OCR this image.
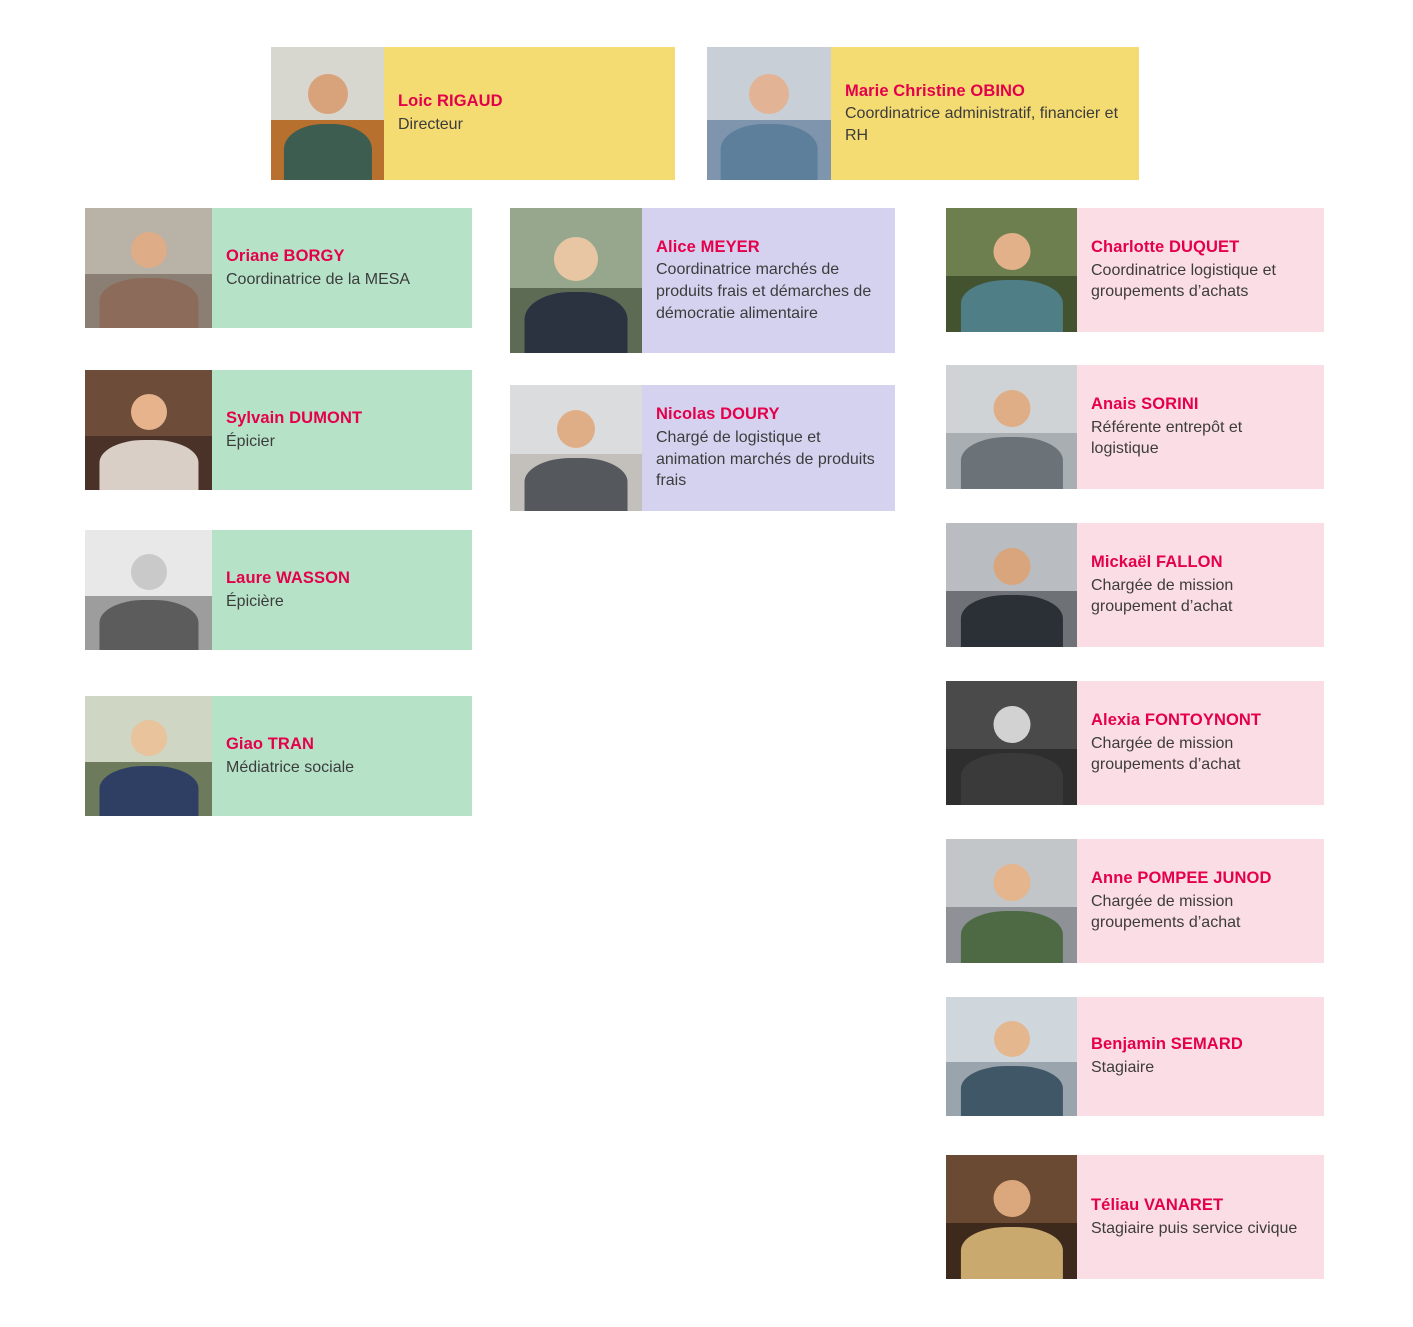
Loic RIGAUD
Directeur
Marie Christine OBINO
Coordinatrice administratif, financier et RH
Oriane BORGY
Coordinatrice de la MESA
Sylvain DUMONT
Épicier
Laure WASSON
Épicière
Giao TRAN
Médiatrice sociale
Alice MEYER
Coordinatrice marchés de produits frais et démarches de démocratie alimentaire
Nicolas DOURY
Chargé de logistique et animation marchés de produits frais
Charlotte DUQUET
Coordinatrice logistique et groupements d’achats
Anais SORINI
Référente entrepôt et logistique
Mickaël FALLON
Chargée de mission groupement d’achat
Alexia FONTOYNONT
Chargée de mission groupements d’achat
Anne POMPEE JUNOD
Chargée de mission groupements d’achat
Benjamin SEMARD
Stagiaire
Téliau VANARET
Stagiaire puis service civique
